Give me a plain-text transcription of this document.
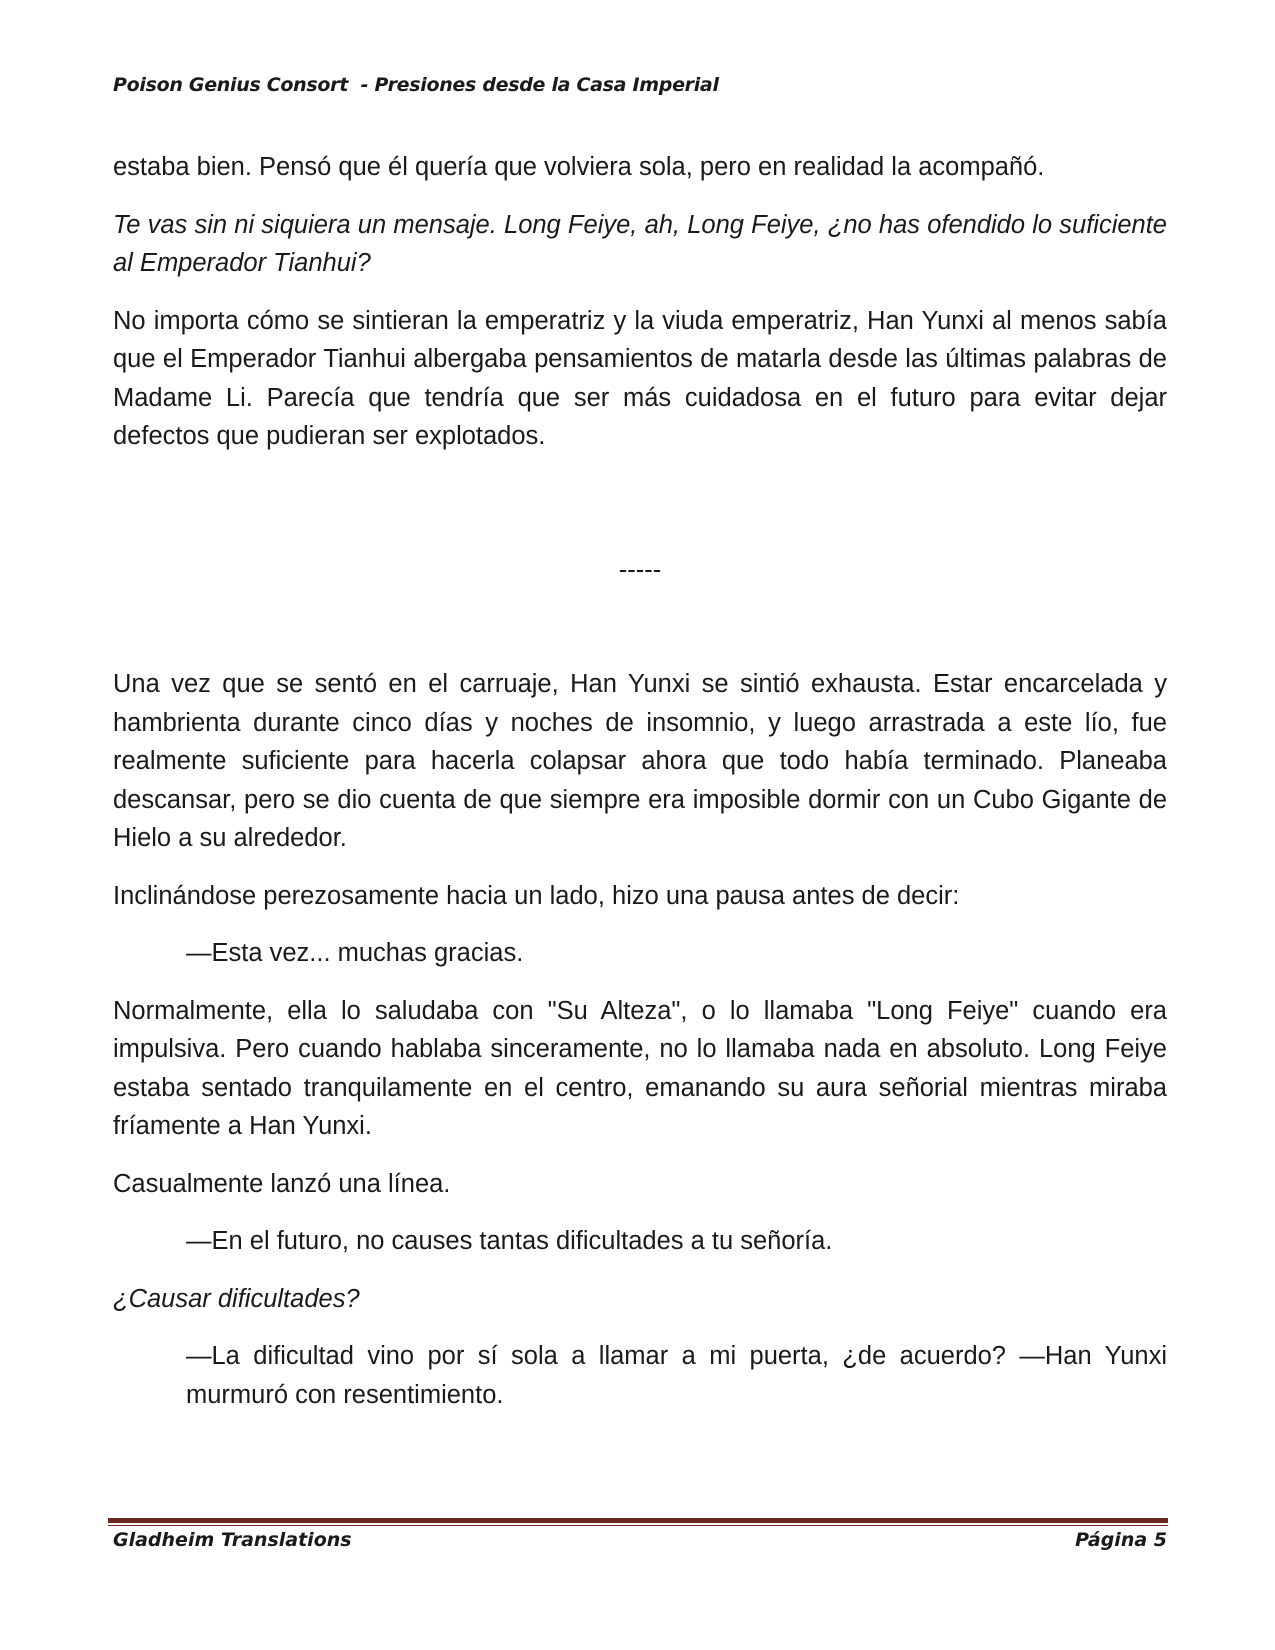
Poison Genius Consort  - Presiones desde la Casa Imperial

estaba bien. Pensó que él quería que volviera sola, pero en realidad la acompañó.

Te vas sin ni siquiera un mensaje. Long Feiye, ah, Long Feiye, ¿no has ofendido lo suficiente al Emperador Tianhui?

No importa cómo se sintieran la emperatriz y la viuda emperatriz, Han Yunxi al menos sabía que el Emperador Tianhui albergaba pensamientos de matarla desde las últimas palabras de Madame Li. Parecía que tendría que ser más cuidadosa en el futuro para evitar dejar defectos que pudieran ser explotados.

-----

Una vez que se sentó en el carruaje, Han Yunxi se sintió exhausta. Estar encarcelada y hambrienta durante cinco días y noches de insomnio, y luego arrastrada a este lío, fue realmente suficiente para hacerla colapsar ahora que todo había terminado. Planeaba descansar, pero se dio cuenta de que siempre era imposible dormir con un Cubo Gigante de Hielo a su alrededor.

Inclinándose perezosamente hacia un lado, hizo una pausa antes de decir:

—Esta vez... muchas gracias.

Normalmente, ella lo saludaba con "Su Alteza", o lo llamaba "Long Feiye" cuando era impulsiva. Pero cuando hablaba sinceramente, no lo llamaba nada en absoluto. Long Feiye estaba sentado tranquilamente en el centro, emanando su aura señorial mientras miraba fríamente a Han Yunxi.

Casualmente lanzó una línea.

—En el futuro, no causes tantas dificultades a tu señoría.

¿Causar dificultades?

—La dificultad vino por sí sola a llamar a mi puerta, ¿de acuerdo? —Han Yunxi murmuró con resentimiento.

Gladheim Translations	Página 5
